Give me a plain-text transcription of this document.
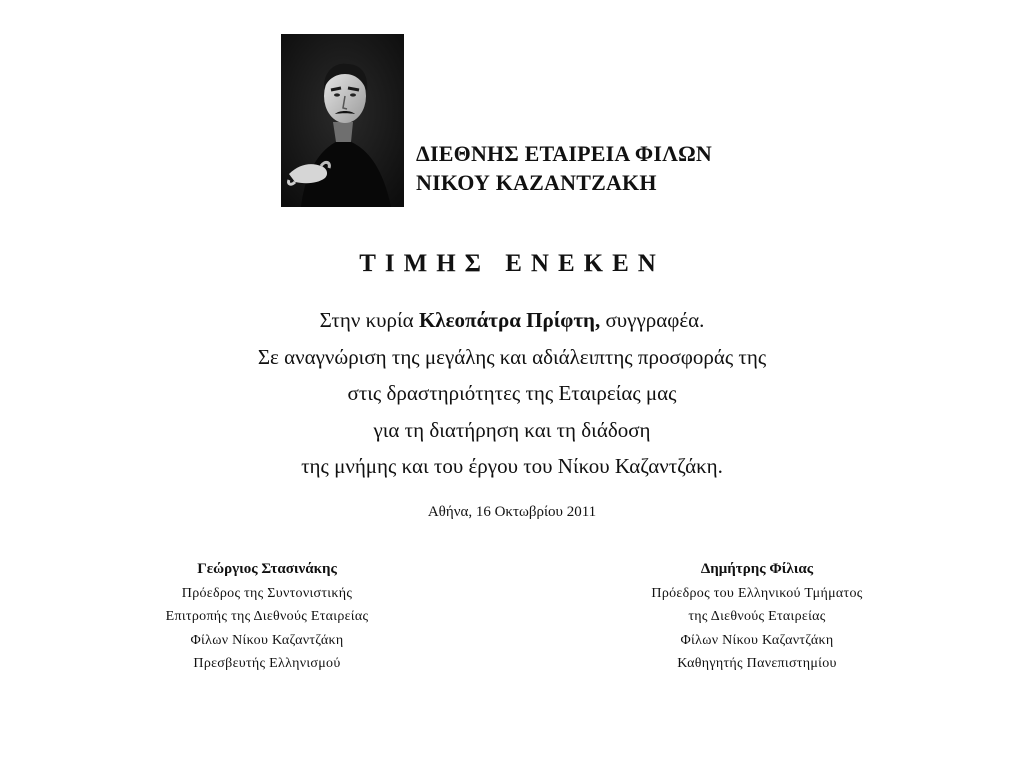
ΔΙΕΘΝΗΣ ΕΤΑΙΡΕΙΑ ΦΙΛΩΝ
ΝΙΚΟΥ ΚΑΖΑΝΤΖΑΚΗ
ΤΙΜΗΣ ΕΝΕΚΕΝ
Στην κυρία Κλεοπάτρα Πρίφτη, συγγραφέα.
Σε αναγνώριση της μεγάλης και αδιάλειπτης προσφοράς της
στις δραστηριότητες της Εταιρείας μας
για τη διατήρηση και τη διάδοση
της μνήμης και του έργου του Νίκου Καζαντζάκη.
Αθήνα, 16 Οκτωβρίου 2011
Γεώργιος Στασινάκης
Πρόεδρος της Συντονιστικής
Επιτροπής της Διεθνούς Εταιρείας
Φίλων Νίκου Καζαντζάκη
Πρεσβευτής Ελληνισμού
Δημήτρης Φίλιας
Πρόεδρος του Ελληνικού Τμήματος
της Διεθνούς Εταιρείας
Φίλων Νίκου Καζαντζάκη
Καθηγητής Πανεπιστημίου
